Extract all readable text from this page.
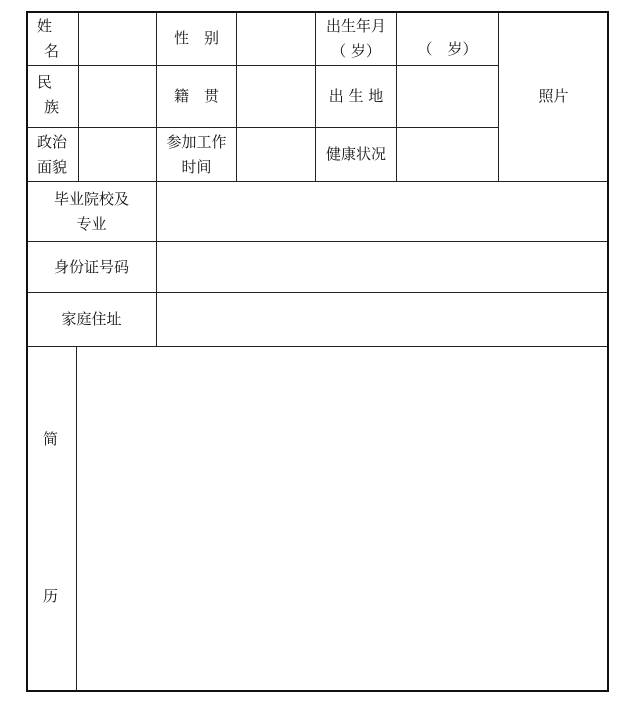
姓
名
性　别
出生年月
（ 岁） （　岁）
照片
民
族
籍　贯	出 生 地
政治
面貌
参加工作
时间
健康状况
毕业院校及
专业
身份证号码
家庭住址
简
历
